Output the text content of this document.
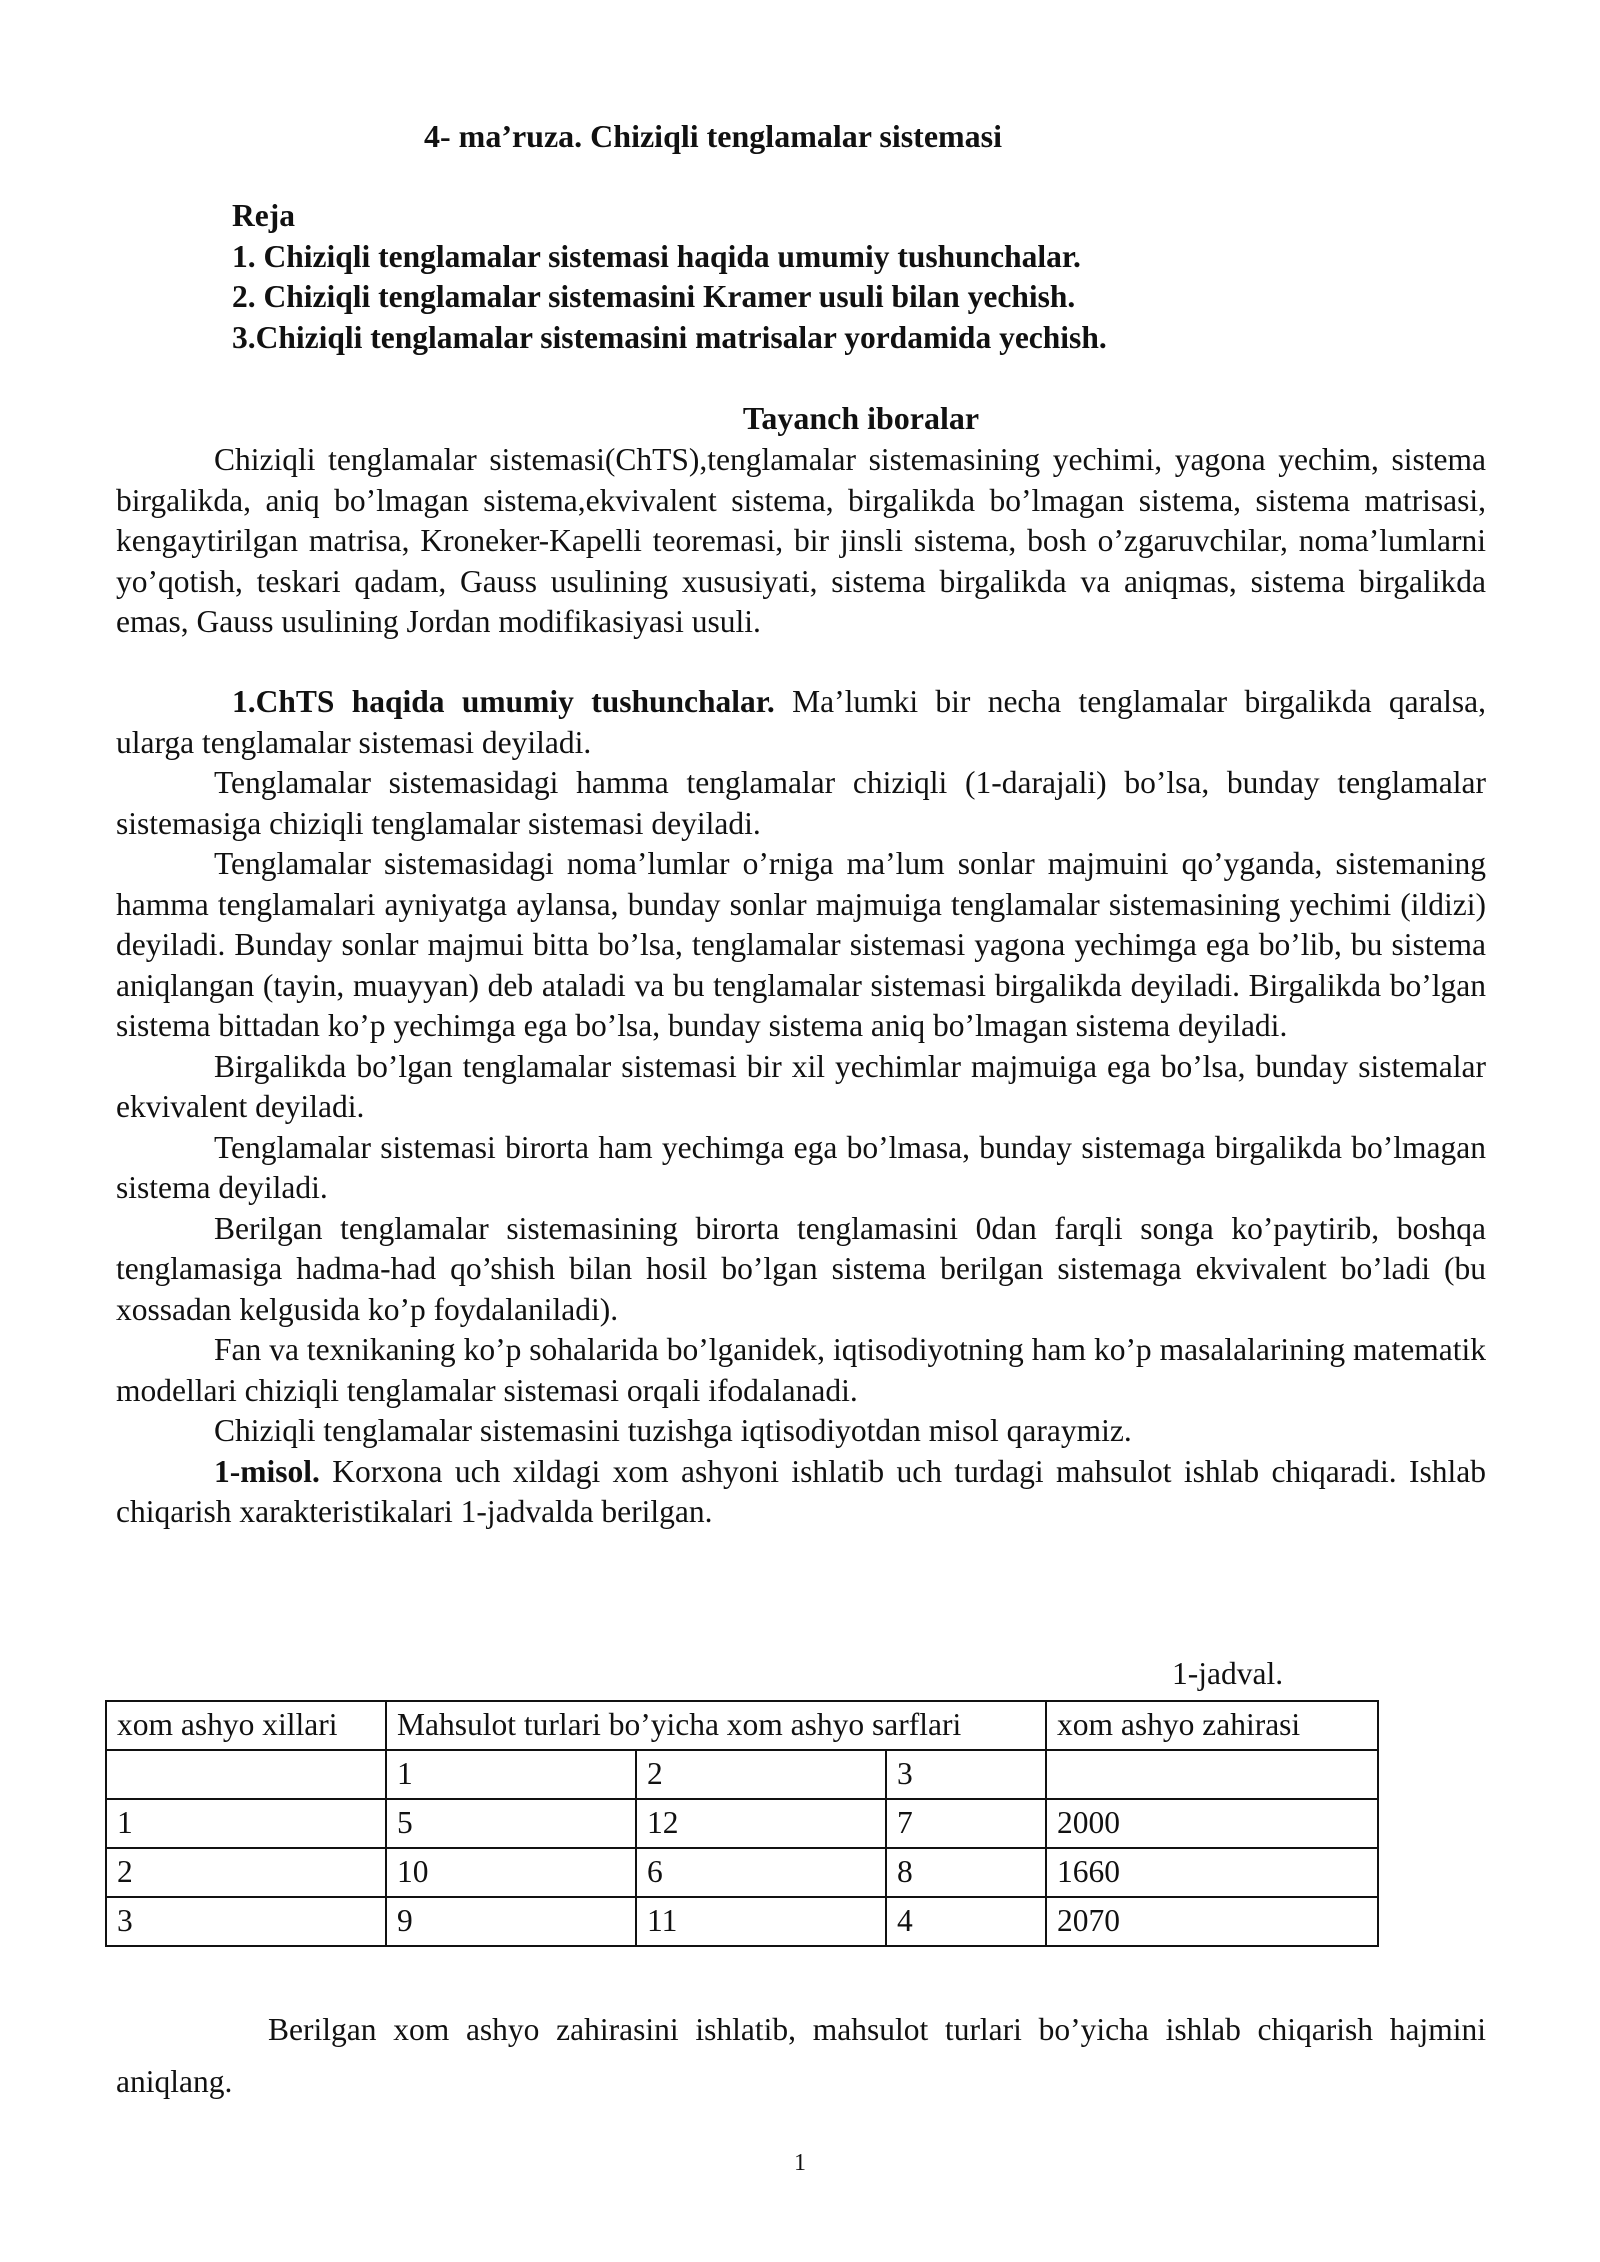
4- ma’ruza. Chiziqli tenglamalar sistemasi
Reja
1. Chiziqli tenglamalar sistemasi haqida umumiy tushunchalar.
2. Chiziqli tenglamalar sistemasini Kramer usuli bilan yechish.
3.Chiziqli tenglamalar sistemasini matrisalar yordamida yechish.
Tayanch iboralar

Chiziqli tenglamalar sistemasi(ChTS),tenglamalar sistemasining yechimi, yagona yechim, sistema birgalikda, aniq bo’lmagan sistema,ekvivalent sistema, birgalikda bo’lmagan sistema, sistema matrisasi, kengaytirilgan matrisa, Kroneker-Kapelli teoremasi, bir jinsli sistema, bosh o’zgaruvchilar, noma’lumlarni yo’qotish, teskari qadam, Gauss usulining xususiyati, sistema birgalikda va aniqmas, sistema birgalikda emas, Gauss usulining Jordan modifikasiyasi usuli.

1.ChTS haqida umumiy tushunchalar. Ma’lumki bir necha tenglamalar birgalikda qaralsa, ularga tenglamalar sistemasi deyiladi.

Tenglamalar sistemasidagi hamma tenglamalar chiziqli (1-darajali) bo’lsa, bunday tenglamalar sistemasiga chiziqli tenglamalar sistemasi deyiladi.

Tenglamalar sistemasidagi noma’lumlar o’rniga ma’lum sonlar majmuini qo’yganda, sistemaning hamma tenglamalari ayniyatga aylansa, bunday sonlar majmuiga tenglamalar sistemasining yechimi (ildizi) deyiladi. Bunday sonlar majmui bitta bo’lsa, tenglamalar sistemasi yagona yechimga ega bo’lib, bu sistema aniqlangan (tayin, muayyan) deb ataladi va bu tenglamalar sistemasi birgalikda deyiladi. Birgalikda bo’lgan sistema bittadan ko’p yechimga ega bo’lsa, bunday sistema aniq bo’lmagan sistema deyiladi.

Birgalikda bo’lgan tenglamalar sistemasi bir xil yechimlar majmuiga ega bo’lsa, bunday sistemalar ekvivalent deyiladi.

Tenglamalar sistemasi birorta ham yechimga ega bo’lmasa, bunday sistemaga birgalikda bo’lmagan sistema deyiladi.

Berilgan tenglamalar sistemasining birorta tenglamasini 0dan farqli songa ko’paytirib, boshqa tenglamasiga hadma-had qo’shish bilan hosil bo’lgan sistema berilgan sistemaga ekvivalent bo’ladi (bu xossadan kelgusida ko’p foydalaniladi).

Fan va texnikaning ko’p sohalarida bo’lganidek, iqtisodiyotning ham ko’p masalalarining matematik modellari chiziqli tenglamalar sistemasi orqali ifodalanadi.

Chiziqli tenglamalar sistemasini tuzishga iqtisodiyotdan misol qaraymiz.

1-misol. Korxona uch xildagi xom ashyoni ishlatib uch turdagi mahsulot ishlab chiqaradi. Ishlab chiqarish xarakteristikalari 1-jadvalda berilgan.

1-jadval.
xom ashyo xillari	Mahsulot turlari bo’yicha xom ashyo sarflari			xom ashyo zahirasi
	1	2	3	
1	5	12	7	2000
2	10	6	8	1660
3	9	11	4	2070

Berilgan xom ashyo zahirasini ishlatib, mahsulot turlari bo’yicha ishlab chiqarish hajmini aniqlang.

1
